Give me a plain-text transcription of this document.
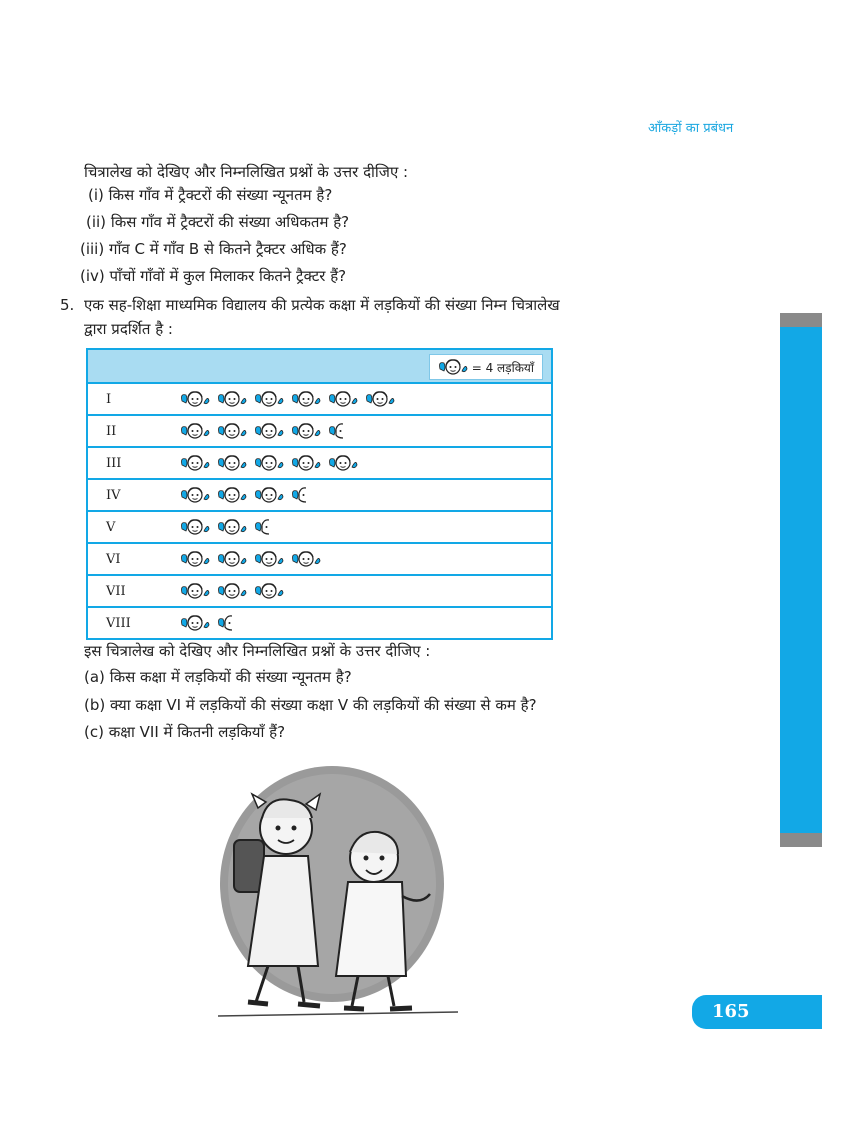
आँकड़ों का प्रबंधन
चित्रालेख को देखिए और निम्नलिखित प्रश्नों के उत्तर दीजिए :
(i) किस गाँव में ट्रैक्टरों की संख्या न्यूनतम है?
(ii) किस गाँव में ट्रैक्टरों की संख्या अधिकतम है?
(iii) गाँव C में गाँव B से कितने ट्रैक्टर अधिक हैं?
(iv) पाँचों गाँवों में कुल मिलाकर कितने ट्रैक्टर हैं?
5. एक सह-शिक्षा माध्यमिक विद्यालय की प्रत्येक कक्षा में लड़कियों की संख्या निम्न चित्रालेख
द्वारा प्रदर्शित है :
= 4 लड़कियाँ
I
II
III
IV
V
VI
VII
VIII
इस चित्रालेख को देखिए और निम्नलिखित प्रश्नों के उत्तर दीजिए :
(a) किस कक्षा में लड़कियों की संख्या न्यूनतम है?
(b) क्या कक्षा VI में लड़कियों की संख्या कक्षा V की लड़कियों की संख्या से कम है?
(c) कक्षा VII में कितनी लड़कियाँ हैं?
165
